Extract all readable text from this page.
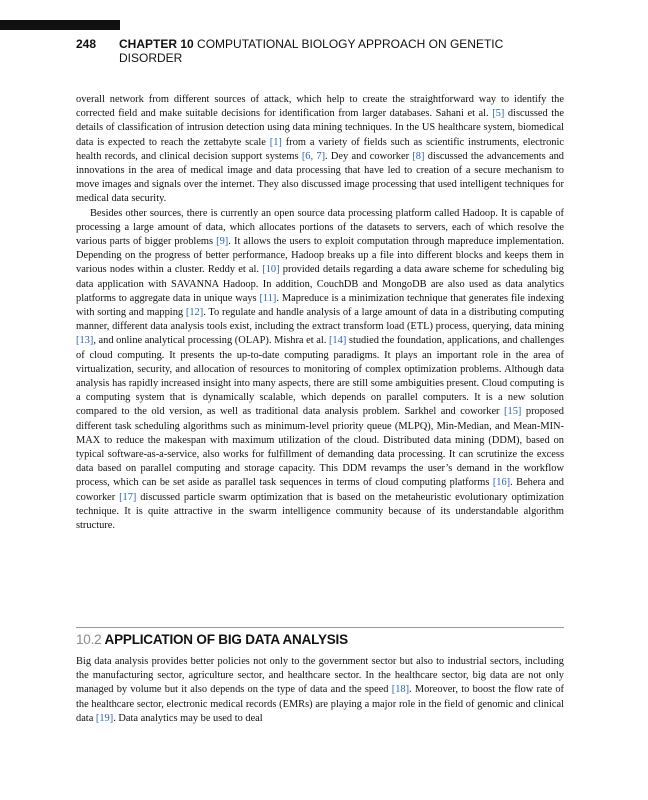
248 CHAPTER 10 COMPUTATIONAL BIOLOGY APPROACH ON GENETIC DISORDER

overall network from different sources of attack, which help to create the straightforward way to identify the corrected field and make suitable decisions for identification from larger databases. Sahani et al. [5] discussed the details of classification of intrusion detection using data mining techniques. In the US healthcare system, biomedical data is expected to reach the zettabyte scale [1] from a variety of fields such as scientific instruments, electronic health records, and clinical decision support systems [6, 7]. Dey and coworker [8] discussed the advancements and innovations in the area of medical image and data processing that have led to creation of a secure mechanism to move images and signals over the internet. They also discussed image processing that used intelligent techniques for medical data security.

Besides other sources, there is currently an open source data processing platform called Hadoop. It is capable of processing a large amount of data, which allocates portions of the datasets to servers, each of which resolve the various parts of bigger problems [9]. It allows the users to exploit computation through mapreduce implementation. Depending on the progress of better performance, Hadoop breaks up a file into different blocks and keeps them in various nodes within a cluster. Reddy et al. [10] provided details regarding a data aware scheme for scheduling big data application with SAVANNA Hadoop. In addition, CouchDB and MongoDB are also used as data analytics platforms to aggregate data in unique ways [11]. Mapreduce is a minimization technique that generates file indexing with sorting and mapping [12]. To regulate and handle analysis of a large amount of data in a distributing computing manner, different data analysis tools exist, including the extract transform load (ETL) process, querying, data mining [13], and online analytical processing (OLAP). Mishra et al. [14] studied the foundation, applications, and challenges of cloud computing. It presents the up-to-date computing paradigms. It plays an important role in the area of virtualization, security, and allocation of resources to monitoring of complex optimization problems. Although data analysis has rapidly increased insight into many aspects, there are still some ambiguities present. Cloud computing is a computing system that is dynamically scalable, which depends on parallel computers. It is a new solution compared to the old version, as well as traditional data analysis problem. Sarkhel and coworker [15] proposed different task scheduling algorithms such as minimum-level priority queue (MLPQ), Min-Median, and Mean-MIN-MAX to reduce the makespan with maximum utilization of the cloud. Distributed data mining (DDM), based on typical software-as-a-service, also works for fulfillment of demanding data processing. It can scrutinize the excess data based on parallel computing and storage capacity. This DDM revamps the user’s demand in the workflow process, which can be set aside as parallel task sequences in terms of cloud computing platforms [16]. Behera and coworker [17] discussed particle swarm optimization that is based on the metaheuristic evolutionary optimization technique. It is quite attractive in the swarm intelligence community because of its understandable algorithm structure.

10.2 APPLICATION OF BIG DATA ANALYSIS

Big data analysis provides better policies not only to the government sector but also to industrial sectors, including the manufacturing sector, agriculture sector, and healthcare sector. In the healthcare sector, big data are not only managed by volume but it also depends on the type of data and the speed [18]. Moreover, to boost the flow rate of the healthcare sector, electronic medical records (EMRs) are playing a major role in the field of genomic and clinical data [19]. Data analytics may be used to deal
